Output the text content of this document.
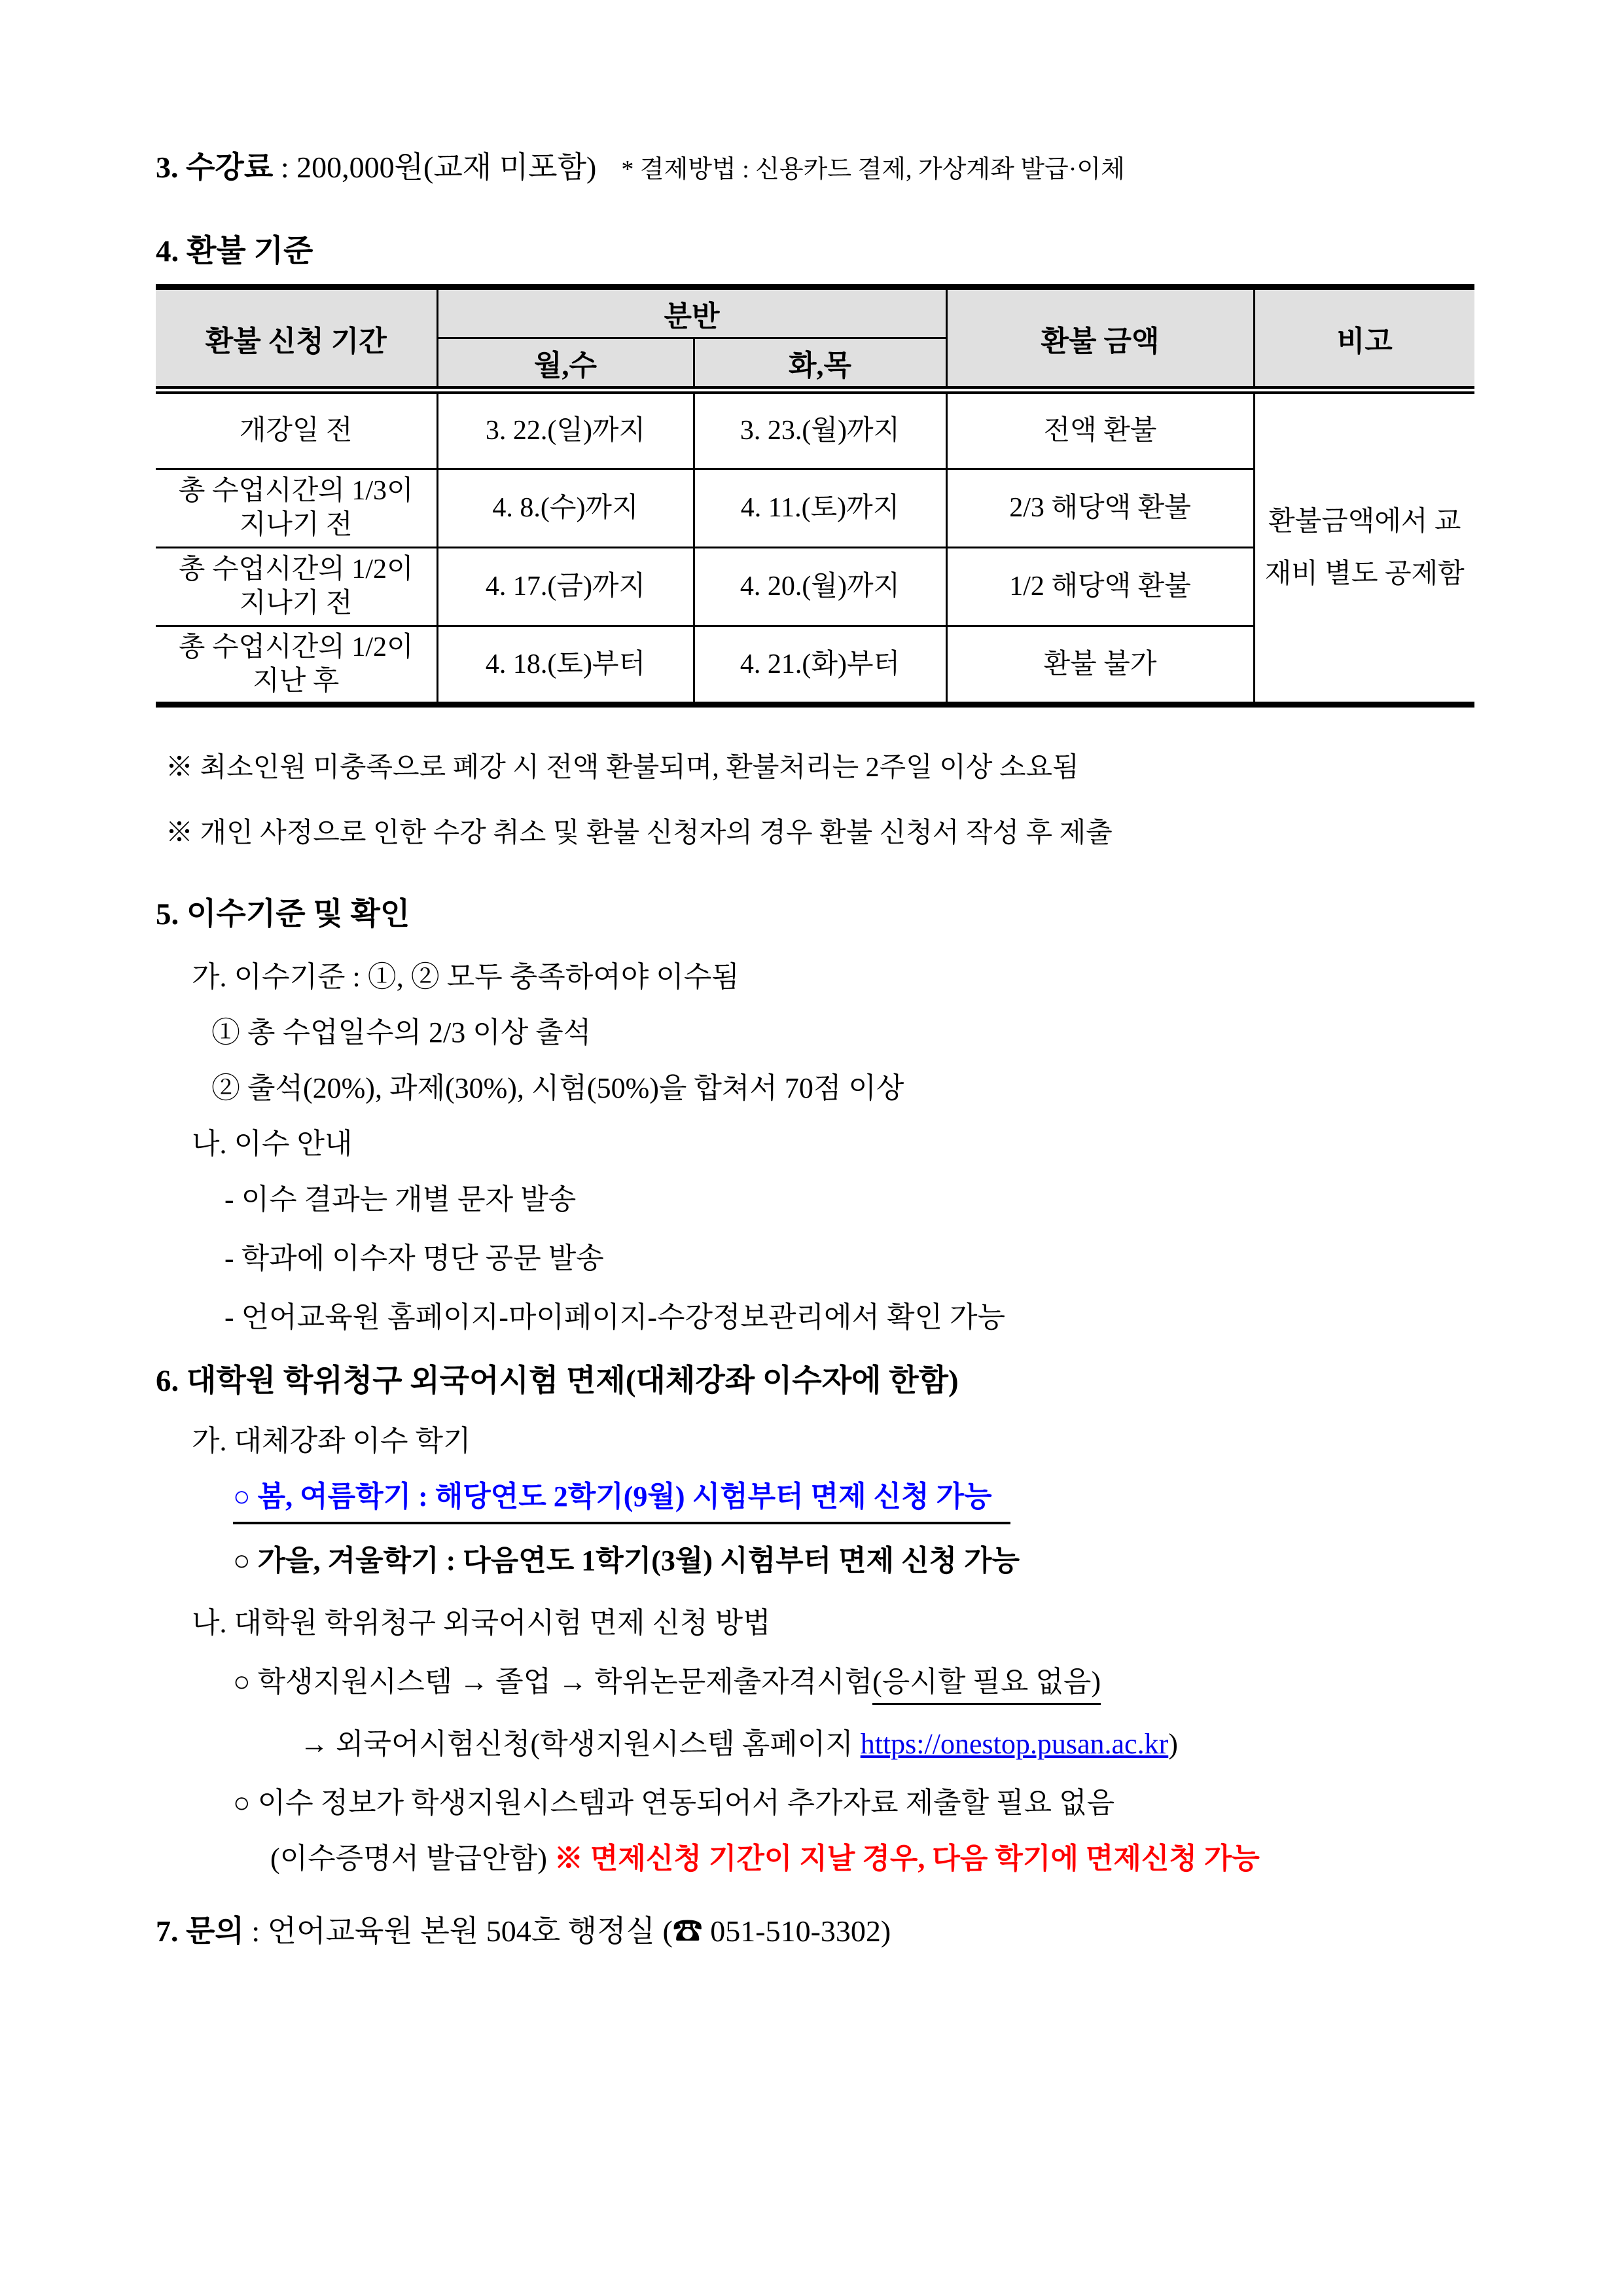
3. 수강료 : 200,000원(교재 미포함) * 결제방법 : 신용카드 결제, 가상계좌 발급·이체
4. 환불 기준
환불 신청 기간	분반		환불 금액	비고
	월,수	화,목		
개강일 전	3. 22.(일)까지	3. 23.(월)까지	전액 환불	환불금액에서 교재비 별도 공제함
총 수업시간의 1/3이 지나기 전	4. 8.(수)까지	4. 11.(토)까지	2/3 해당액 환불	
총 수업시간의 1/2이 지나기 전	4. 17.(금)까지	4. 20.(월)까지	1/2 해당액 환불	
총 수업시간의 1/2이 지난 후	4. 18.(토)부터	4. 21.(화)부터	환불 불가	
※ 최소인원 미충족으로 폐강 시 전액 환불되며, 환불처리는 2주일 이상 소요됨
※ 개인 사정으로 인한 수강 취소 및 환불 신청자의 경우 환불 신청서 작성 후 제출
5. 이수기준 및 확인
가. 이수기준 : ①, ② 모두 충족하여야 이수됨
① 총 수업일수의 2/3 이상 출석
② 출석(20%), 과제(30%), 시험(50%)을 합쳐서 70점 이상
나. 이수 안내
- 이수 결과는 개별 문자 발송
- 학과에 이수자 명단 공문 발송
- 언어교육원 홈페이지-마이페이지-수강정보관리에서 확인 가능
6. 대학원 학위청구 외국어시험 면제(대체강좌 이수자에 한함)
가. 대체강좌 이수 학기
○ 봄, 여름학기 : 해당연도 2학기(9월) 시험부터 면제 신청 가능
○ 가을, 겨울학기 : 다음연도 1학기(3월) 시험부터 면제 신청 가능
나. 대학원 학위청구 외국어시험 면제 신청 방법
○ 학생지원시스템 → 졸업 → 학위논문제출자격시험(응시할 필요 없음)
→ 외국어시험신청(학생지원시스템 홈페이지 https://onestop.pusan.ac.kr)
○ 이수 정보가 학생지원시스템과 연동되어서 추가자료 제출할 필요 없음
(이수증명서 발급안함) ※ 면제신청 기간이 지날 경우, 다음 학기에 면제신청 가능
7. 문의 : 언어교육원 본원 504호 행정실 (☎ 051-510-3302)
